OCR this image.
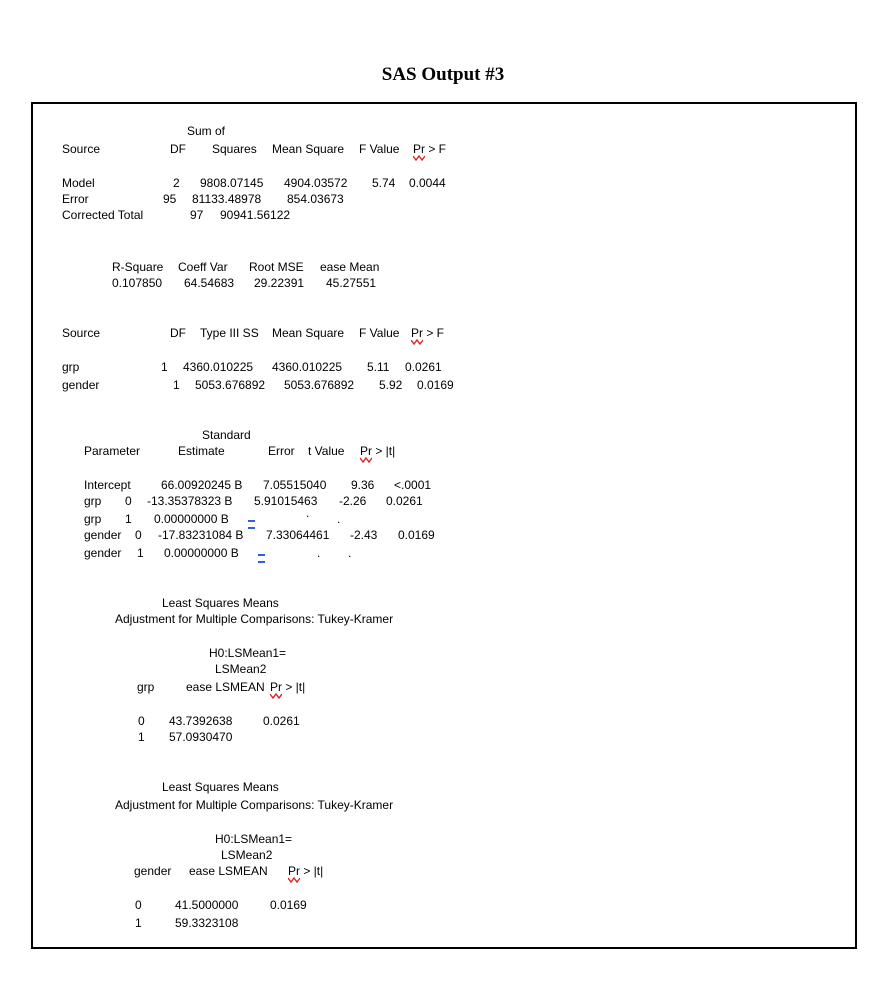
SAS Output #3
Sum of
Source	DF Squares Mean Square F Value Pr > F
Model	2 9808.07145 4904.03572 5.74 0.0044
Error	95 81133.48978 854.03673
Corrected Total	97 90941.56122
R-Square Coeff Var Root MSE ease Mean
0.107850 64.54683 29.22391 45.27551
Source	DF Type III SS Mean Square F Value Pr > F
grp	1 4360.010225 4360.010225 5.11 0.0261
gender	1 5053.676892 5053.676892 5.92 0.0169
Standard
Parameter	Estimate	Error t Value Pr > |t|
Intercept	66.00920245 B 7.05515040 9.36 <.0001
grp 0 -13.35378323 B 5.91015463 -2.26 0.0261
grp 1 0.00000000 B	. .
gender 0 -17.83231084 B 7.33064461 -2.43 0.0169
gender 1 0.00000000 B	. .
Least Squares Means
Adjustment for Multiple Comparisons: Tukey-Kramer
H0:LSMean1=
LSMean2
grp	ease LSMEAN Pr > |t|
0 43.7392638	0.0261
1 57.0930470
Least Squares Means
Adjustment for Multiple Comparisons: Tukey-Kramer
H0:LSMean1=
LSMean2
gender ease LSMEAN Pr > |t|
0	41.5000000	0.0169
1	59.3323108
